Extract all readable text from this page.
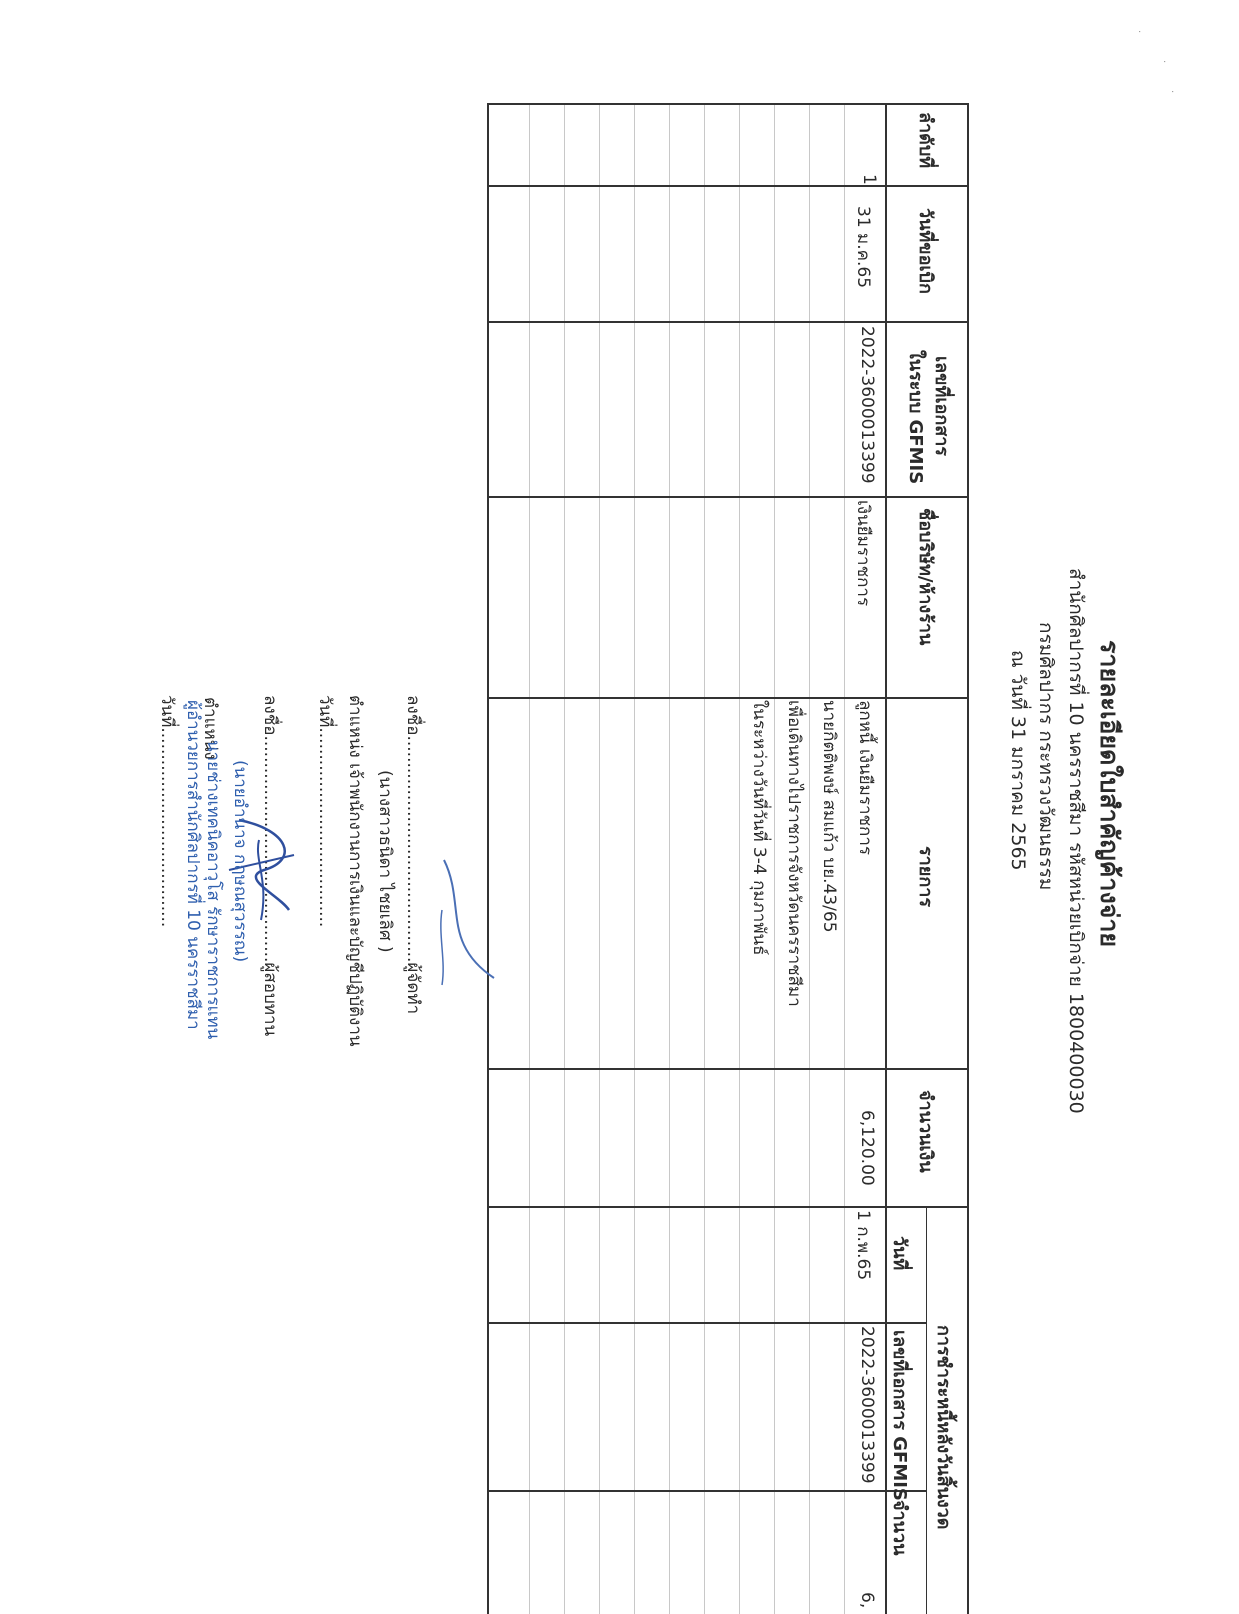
รายละเอียดใบสำคัญค้างจ่าย
สำนักศิลปากรที่ 10 นครราชสีมา รหัสหน่วยเบิกจ่าย 1800400030
กรมศิลปากร กระทรวงวัฒนธรรม
ณ วันที่ 31 มกราคม 2565
ลำดับที่
วันที่ขอเบิก
เลขที่เอกสาร
ในระบบ GFMIS
ชื่อบริษัท/ห้างร้าน
รายการ
จำนวนเงิน
การชำระหนี้หลังวันสิ้นงวด
วันที่
เลขที่เอกสาร GFMIS
จำนวน
1
31 ม.ค.65
2022-3600013399
เงินยืมราชการ
ลูกหนี้ เงินยืมราชการ
นายกิตติพงษ์ สมแก้ว บย.43/65
เพื่อเดินทางไปราชการจังหวัดนครราชสีมา
ในระหว่างวันที่วันที่ 3-4 กุมภาพันธ์
6,120.00
1 ก.พ.65
2022-3600013399
6,
ลงชื่อ..........................................ผู้จัดทำ
(นางสาวธนิดา ไชยเลิศ )
ตำแหน่ง เจ้าพนักงานการเงินและบัญชีปฏิบัติงาน
วันที่.....................................
ลงชื่อ..........................................ผู้สอบทาน
(นายอำนาจ กฤษณสุวรรณ)
ตำแหน่ง
นายช่างเทคนิคอาวุโส รักษาราชการแทน
ผู้อำนวยการสำนักศิลปากรที่ 10 นครราชสีมา
วันที่.....................................
·
·
·
